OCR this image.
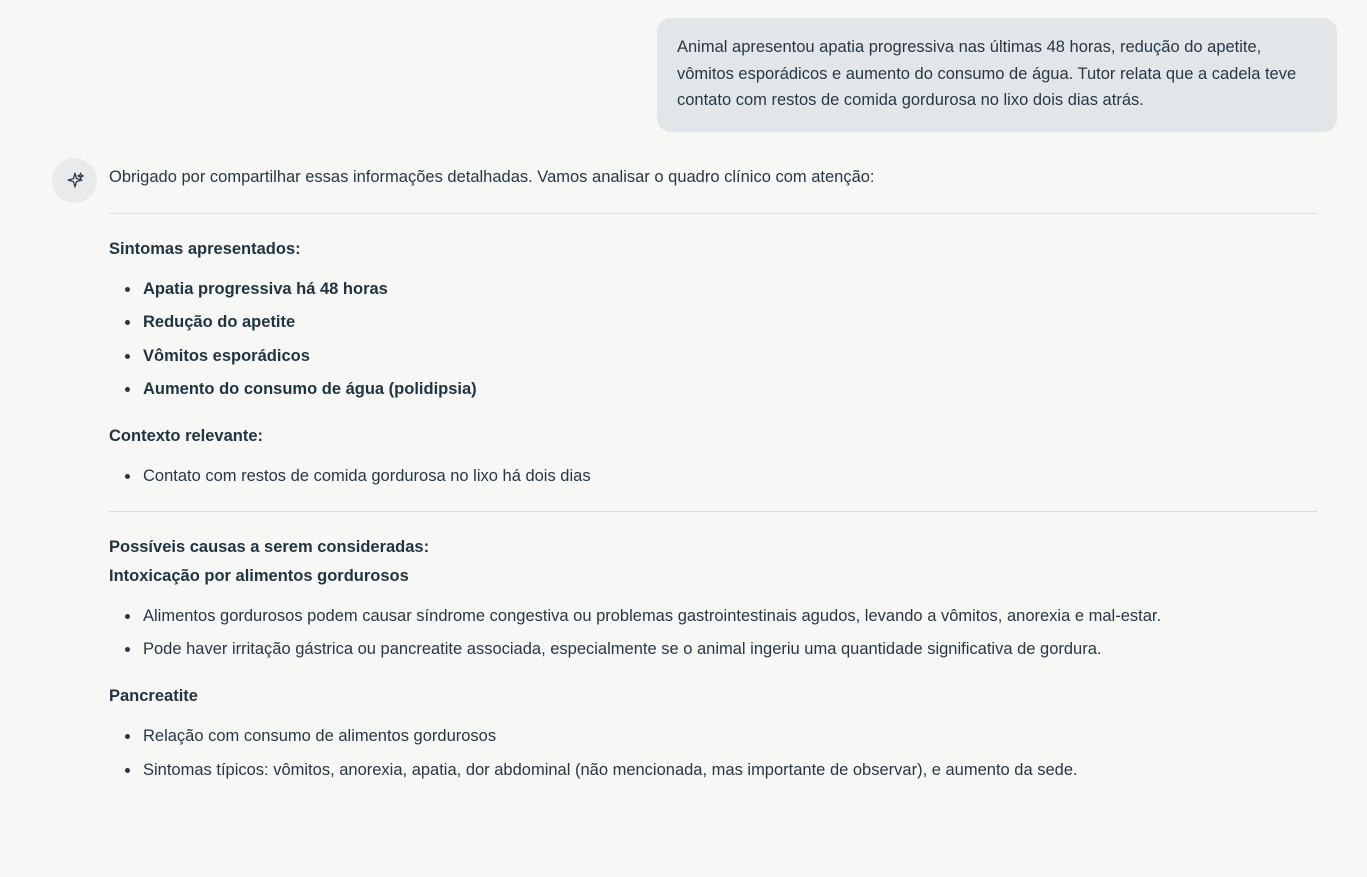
Animal apresentou apatia progressiva nas últimas 48 horas, redução do apetite, vômitos esporádicos e aumento do consumo de água. Tutor relata que a cadela teve contato com restos de comida gordurosa no lixo dois dias atrás.

Obrigado por compartilhar essas informações detalhadas. Vamos analisar o quadro clínico com atenção:

Sintomas apresentados:
• Apatia progressiva há 48 horas
• Redução do apetite
• Vômitos esporádicos
• Aumento do consumo de água (polidipsia)
Contexto relevante:
• Contato com restos de comida gordurosa no lixo há dois dias
Possíveis causas a serem consideradas:
Intoxicação por alimentos gordurosos
• Alimentos gordurosos podem causar síndrome congestiva ou problemas gastrointestinais agudos, levando a vômitos, anorexia e mal-estar.
• Pode haver irritação gástrica ou pancreatite associada, especialmente se o animal ingeriu uma quantidade significativa de gordura.
Pancreatite
• Relação com consumo de alimentos gordurosos
• Sintomas típicos: vômitos, anorexia, apatia, dor abdominal (não mencionada, mas importante de observar), e aumento da sede.
